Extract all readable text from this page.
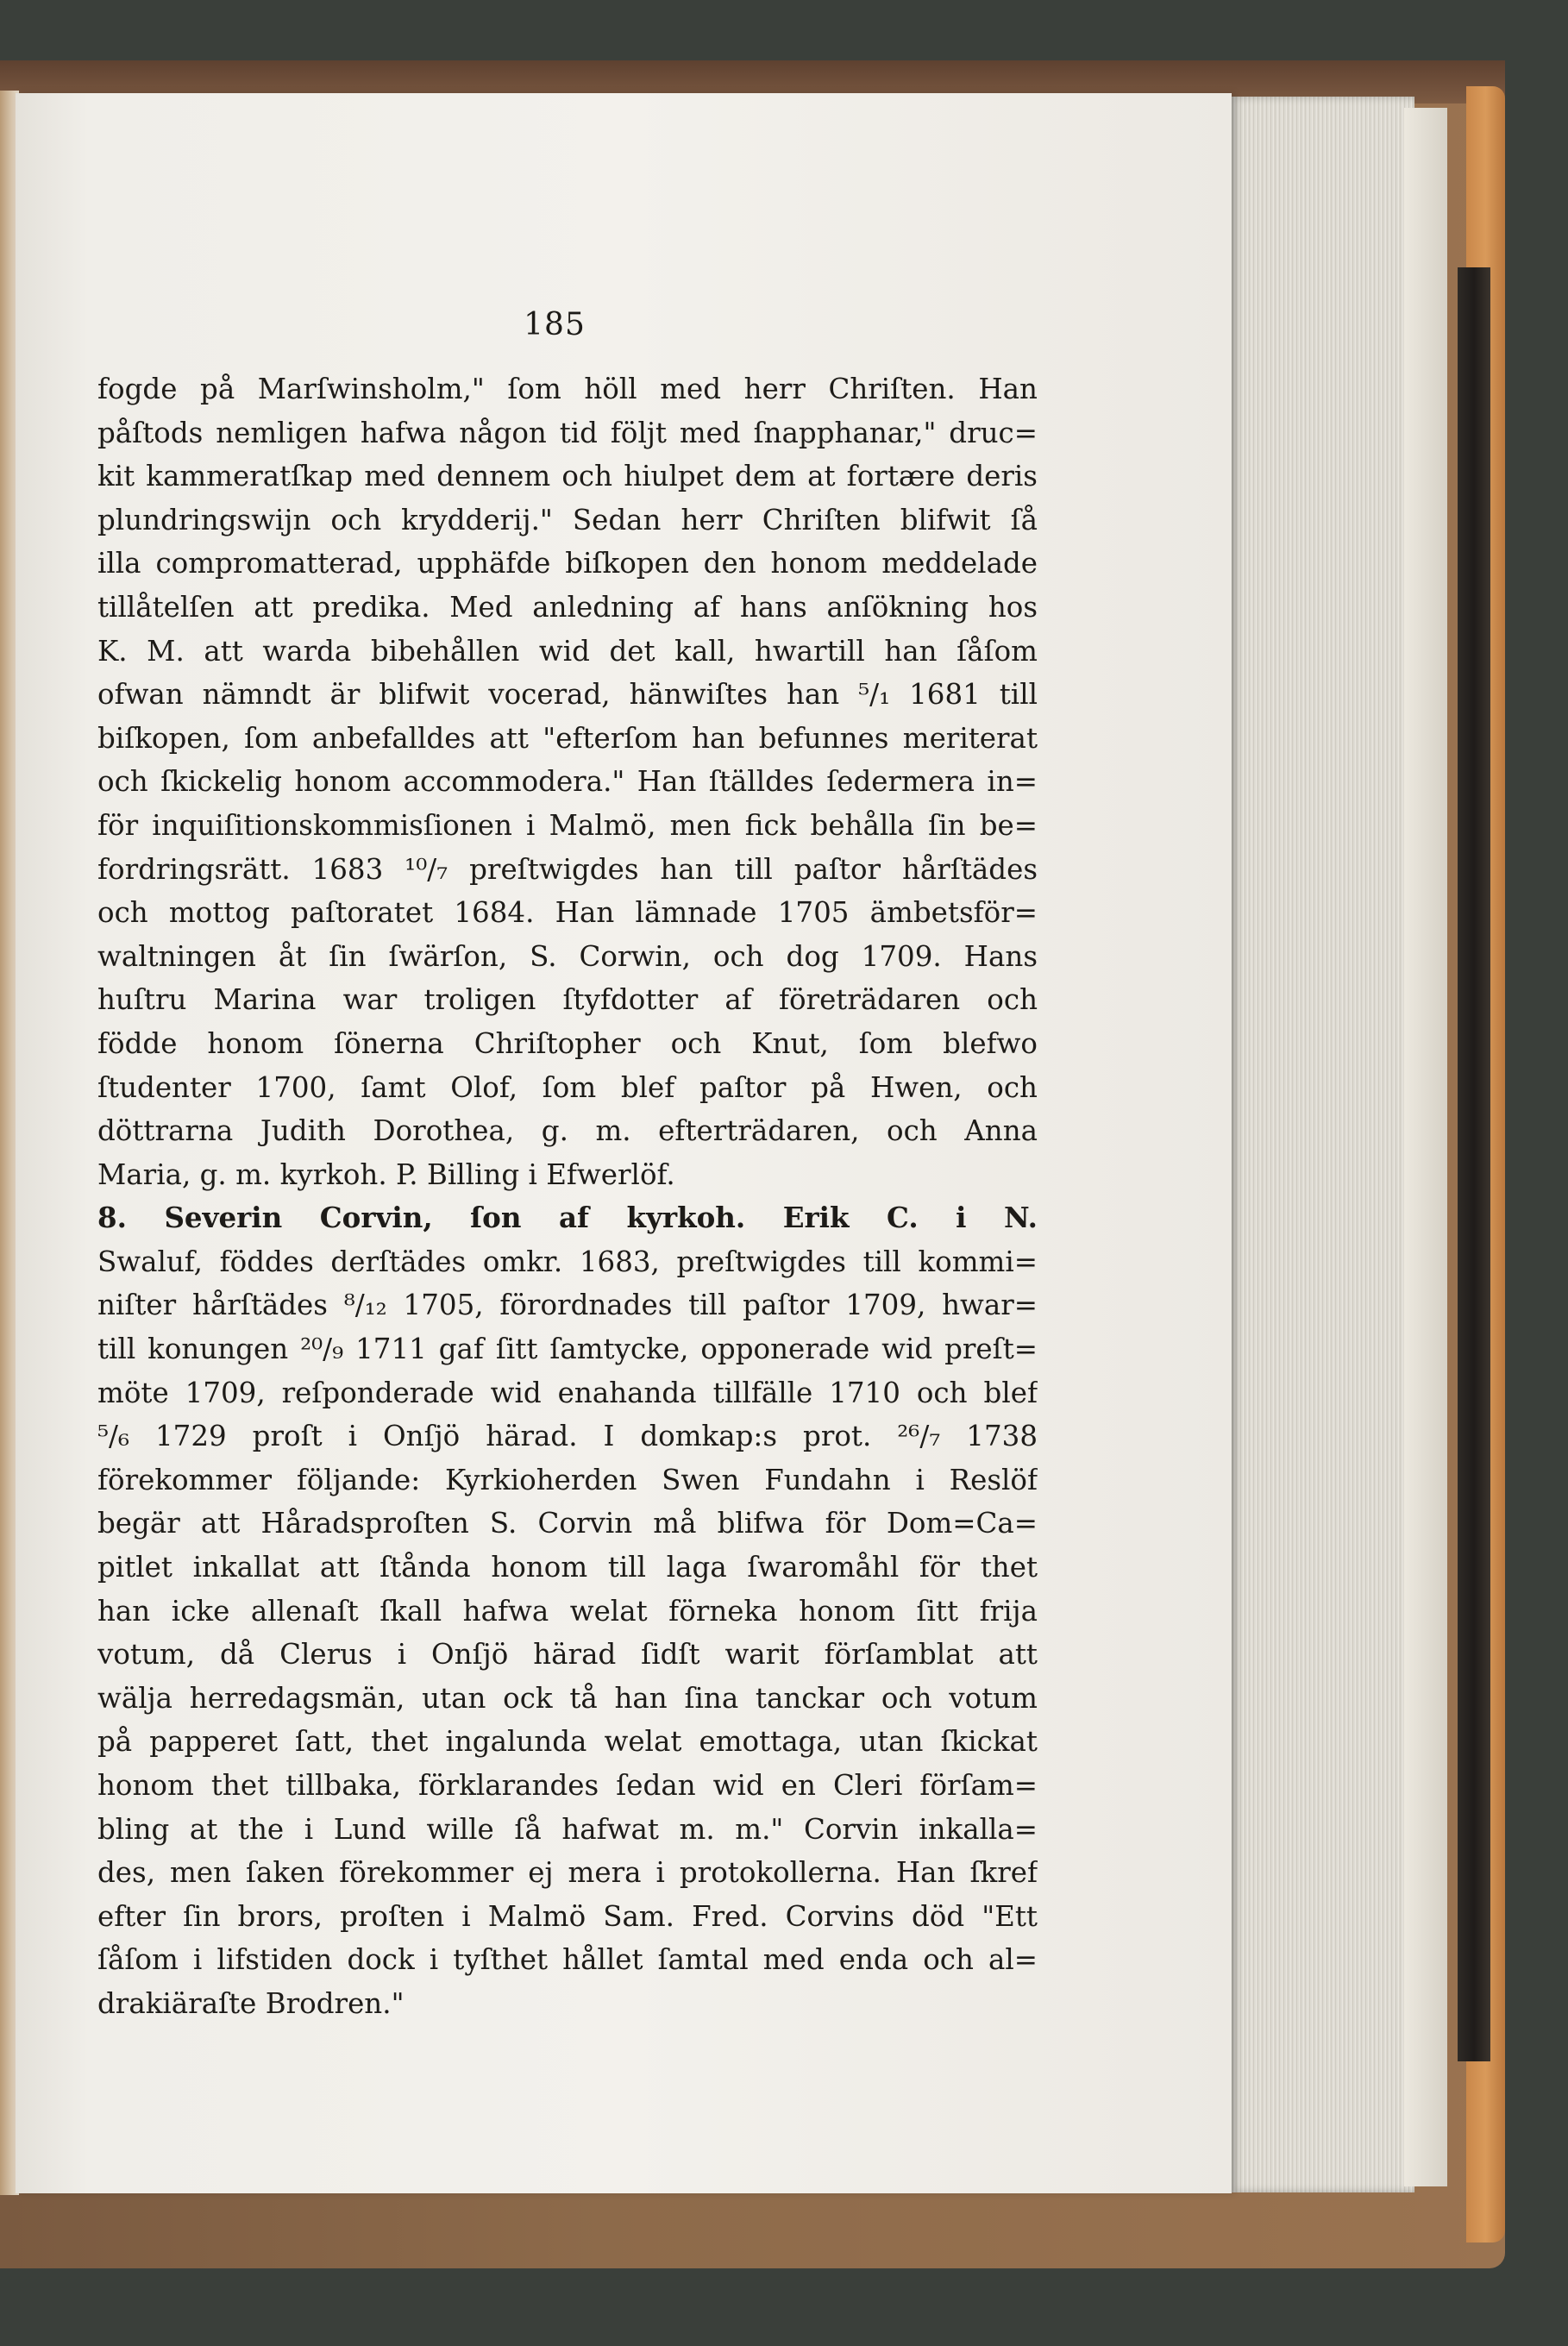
185
fogde på Marſwinsholm," ſom höll med herr Chriſten. Han
påſtods nemligen hafwa någon tid följt med ſnapphanar," druc=
kit kammeratſkap med dennem och hiulpet dem at fortære deris
plundringswijn och krydderij." Sedan herr Chriſten blifwit ſå
illa compromatterad, upphäfde biſkopen den honom meddelade
tillåtelſen att predika. Med anledning af hans anſökning hos
K. M. att warda bibehållen wid det kall, hwartill han ſåſom
ofwan nämndt är blifwit vocerad, hänwiſtes han ⁵/₁ 1681 till
biſkopen, ſom anbefalldes att "efterſom han befunnes meriterat
och ſkickelig honom accommodera." Han ſtälldes ſedermera in=
för inquiſitionskommisſionen i Malmö, men fick behålla ſin be=
fordringsrätt. 1683 ¹⁰/₇ preſtwigdes han till paſtor hårſtädes
och mottog paſtoratet 1684. Han lämnade 1705 ämbetsför=
waltningen åt ſin ſwärſon, S. Corwin, och dog 1709. Hans
huſtru Marina war troligen ſtyfdotter af företrädaren och
födde honom ſönerna Chriſtopher och Knut, ſom blefwo
ſtudenter 1700, ſamt Olof, ſom blef paſtor på Hwen, och
döttrarna Judith Dorothea, g. m. efterträdaren, och Anna
Maria, g. m. kyrkoh. P. Billing i Efwerlöf.
8. Severin Corvin, ſon af kyrkoh. Erik C. i N.
Swaluf, föddes derſtädes omkr. 1683, preſtwigdes till kommi=
niſter hårſtädes ⁸/₁₂ 1705, förordnades till paſtor 1709, hwar=
till konungen ²⁰/₉ 1711 gaf ſitt ſamtycke, opponerade wid preſt=
möte 1709, reſponderade wid enahanda tillfälle 1710 och blef
⁵/₆ 1729 proſt i Onſjö härad. I domkap:s prot. ²⁶/₇ 1738
förekommer följande: Kyrkioherden Swen Fundahn i Reslöf
begär att Håradsproſten S. Corvin må blifwa för Dom=Ca=
pitlet inkallat att ſtånda honom till laga ſwaromåhl för thet
han icke allenaſt ſkall hafwa welat förneka honom ſitt frija
votum, då Clerus i Onſjö härad ſidſt warit förſamblat att
wälja herredagsmän, utan ock tå han ſina tanckar och votum
på papperet ſatt, thet ingalunda welat emottaga, utan ſkickat
honom thet tillbaka, förklarandes ſedan wid en Cleri förſam=
bling at the i Lund wille ſå hafwat m. m." Corvin inkalla=
des, men ſaken förekommer ej mera i protokollerna. Han ſkref
efter ſin brors, proſten i Malmö Sam. Fred. Corvins död "Ett
ſåſom i lifstiden dock i tyſthet hållet ſamtal med enda och al=
drakiäraſte Brodren."
